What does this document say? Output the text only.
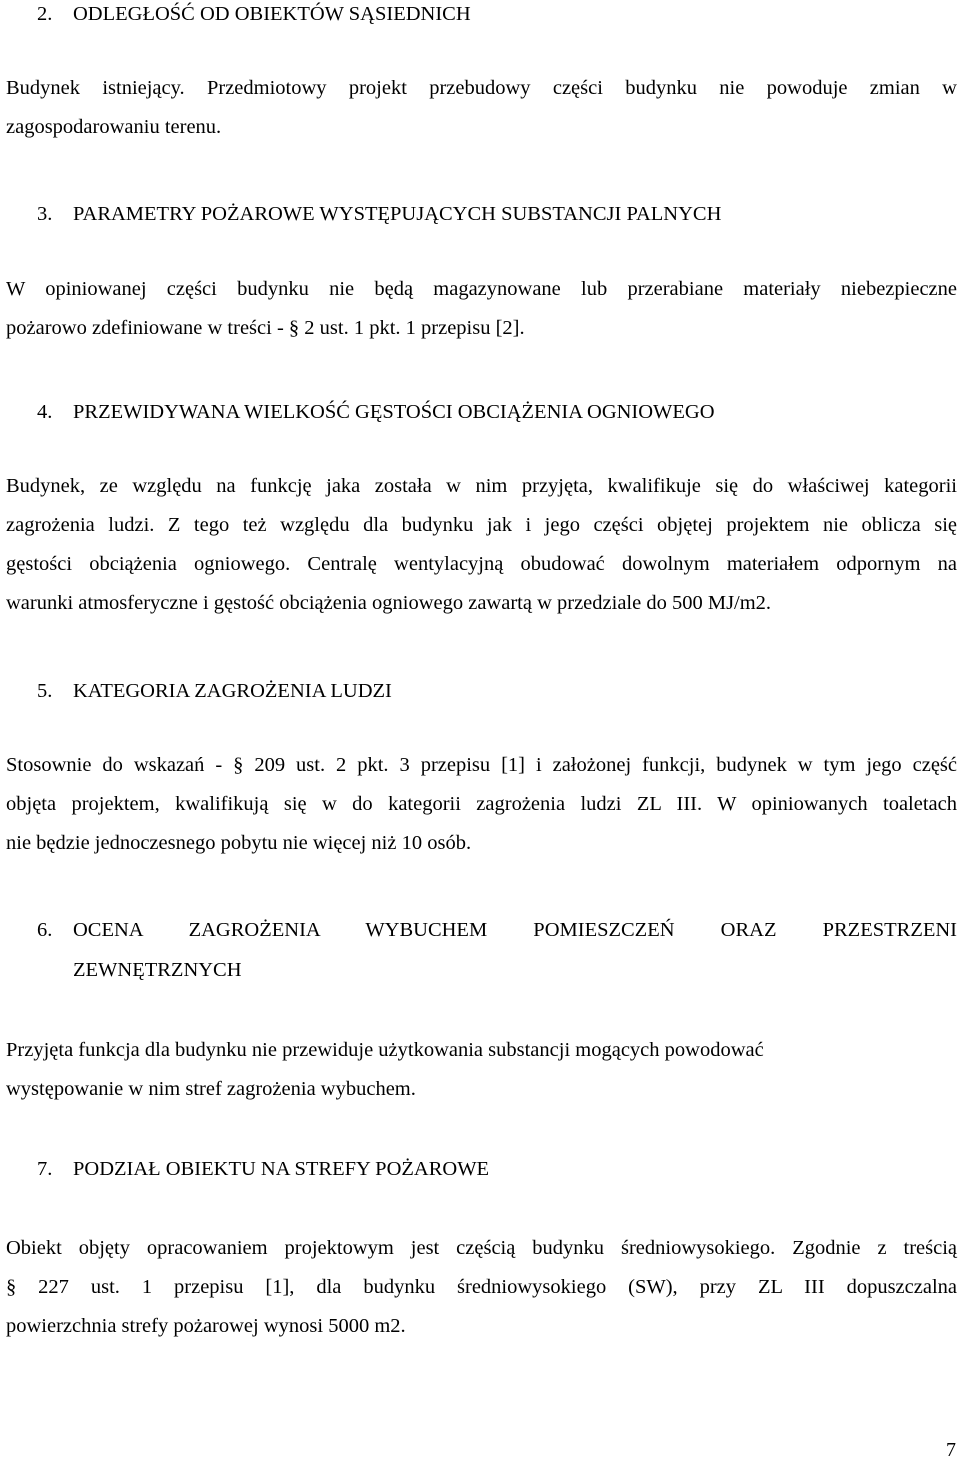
2.	ODLEGŁOŚĆ OD OBIEKTÓW SĄSIEDNICH
Budynek istniejący. Przedmiotowy projekt przebudowy części budynku nie powoduje zmian w
zagospodarowaniu terenu.
3.	PARAMETRY POŻAROWE WYSTĘPUJĄCYCH SUBSTANCJI PALNYCH
W opiniowanej części budynku nie będą magazynowane lub przerabiane materiały niebezpieczne
pożarowo zdefiniowane w treści - § 2 ust. 1 pkt. 1 przepisu [2].
4.	PRZEWIDYWANA WIELKOŚĆ GĘSTOŚCI OBCIĄŻENIA OGNIOWEGO
Budynek, ze względu na funkcję jaka została w nim przyjęta, kwalifikuje się do właściwej kategorii
zagrożenia ludzi. Z tego też względu dla budynku jak i jego części objętej projektem nie oblicza się
gęstości obciążenia ogniowego. Centralę wentylacyjną obudować dowolnym materiałem odpornym na
warunki atmosferyczne i gęstość obciążenia ogniowego zawartą w przedziale do 500 MJ/m2.
5.	KATEGORIA ZAGROŻENIA LUDZI
Stosownie do wskazań - § 209 ust. 2 pkt. 3 przepisu [1] i założonej funkcji, budynek w tym jego część
objęta projektem, kwalifikują się w do kategorii zagrożenia ludzi ZL III. W opiniowanych toaletach
nie będzie jednoczesnego pobytu nie więcej niż 10 osób.
6.	OCENA ZAGROŻENIA WYBUCHEM POMIESZCZEŃ ORAZ PRZESTRZENI
ZEWNĘTRZNYCH
Przyjęta funkcja dla budynku nie przewiduje użytkowania substancji mogących powodować
występowanie w nim stref zagrożenia wybuchem.
7.	PODZIAŁ OBIEKTU NA STREFY POŻAROWE
Obiekt objęty opracowaniem projektowym jest częścią budynku średniowysokiego. Zgodnie z treścią
§ 227 ust. 1 przepisu [1], dla budynku średniowysokiego (SW), przy ZL III dopuszczalna
powierzchnia strefy pożarowej wynosi 5000 m2.
7
